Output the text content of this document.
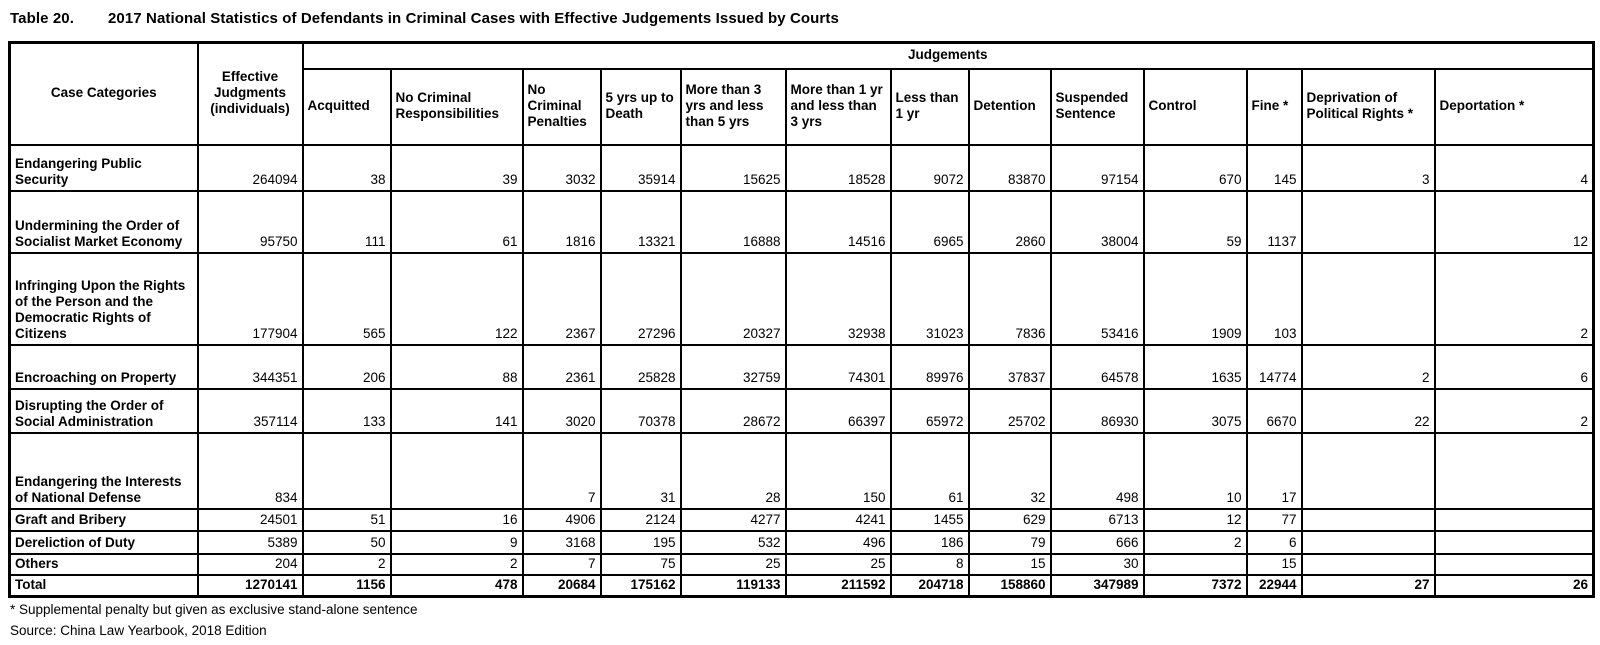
Table 20. 2017 National Statistics of Defendants in Criminal Cases with Effective Judgements Issued by Courts
Case Categories	Effective Judgments (individuals)	Judgements												
		Acquitted	No Criminal Responsibilities	No Criminal Penalties	5 yrs up to Death	More than 3 yrs and less than 5 yrs	More than 1 yr and less than 3 yrs	Less than 1 yr	Detention	Suspended Sentence	Control	Fine *	Deprivation of Political Rights *	Deportation *
Endangering Public Security	264094	38	39	3032	35914	15625	18528	9072	83870	97154	670	145	3	4
Undermining the Order of Socialist Market Economy	95750	111	61	1816	13321	16888	14516	6965	2860	38004	59	1137		12
Infringing Upon the Rights of the Person and the Democratic Rights of Citizens	177904	565	122	2367	27296	20327	32938	31023	7836	53416	1909	103		2
Encroaching on Property	344351	206	88	2361	25828	32759	74301	89976	37837	64578	1635	14774	2	6
Disrupting the Order of Social Administration	357114	133	141	3020	70378	28672	66397	65972	25702	86930	3075	6670	22	2
Endangering the Interests of National Defense	834			7	31	28	150	61	32	498	10	17		
Graft and Bribery	24501	51	16	4906	2124	4277	4241	1455	629	6713	12	77		
Dereliction of Duty	5389	50	9	3168	195	532	496	186	79	666	2	6		
Others	204	2	2	7	75	25	25	8	15	30		15		
Total	1270141	1156	478	20684	175162	119133	211592	204718	158860	347989	7372	22944	27	26
* Supplemental penalty but given as exclusive stand-alone sentence
Source: China Law Yearbook, 2018 Edition
